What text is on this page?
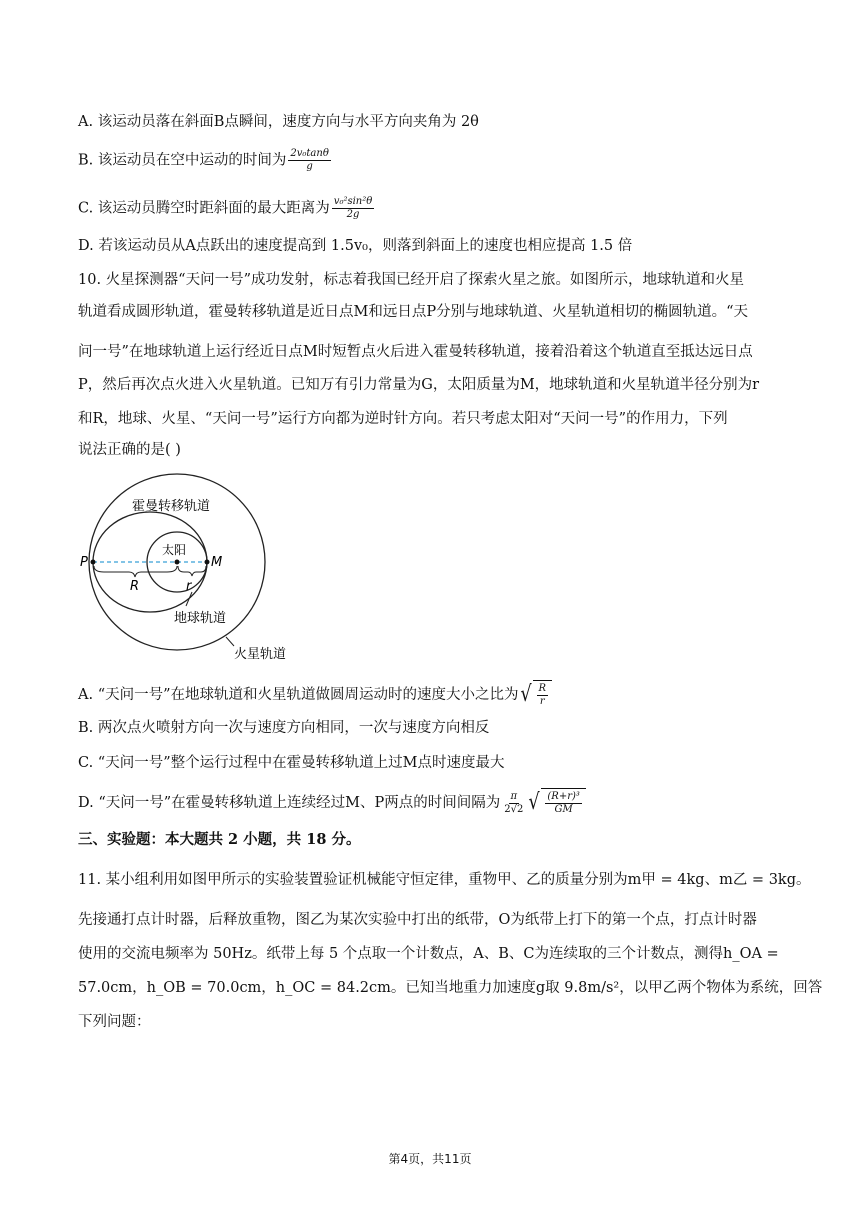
A. 该运动员落在斜面B点瞬间，速度方向与水平方向夹角为 2θ
B. 该运动员在空中运动的时间为 $\frac{\text{2v₀tanθ}}{g}$
C. 该运动员腾空时距斜面的最大距离为 $\frac{\text{v₀²sin²θ}}{2g}$
D. 若该运动员从A点跃出的速度提高到 1.5v₀，则落到斜面上的速度也相应提高 1.5 倍
10. 火星探测器“天问一号”成功发射，标志着我国已经开启了探索火星之旅。如图所示，地球轨道和火星
轨道看成圆形轨道，霍曼转移轨道是近日点M和远日点P分别与地球轨道、火星轨道相切的椭圆轨道。“天
问一号”在地球轨道上运行经近日点M时短暂点火后进入霍曼转移轨道，接着沿着这个轨道直至抵达远日点
P，然后再次点火进入火星轨道。已知万有引力常量为G，太阳质量为M，地球轨道和火星轨道半径分别为r
和R，地球、火星、“天问一号”运行方向都为逆时针方向。若只考虑太阳对“天问一号”的作用力，下列
说法正确的是( )
P	M
太阳
霍曼转移轨道
R	r
地球轨道
火星轨道
A. “天问一号”在地球轨道和火星轨道做圆周运动时的速度大小之比为 √ $\frac{R}{r}$
B. 两次点火喷射方向一次与速度方向相同，一次与速度方向相反
C. “天问一号”整个运行过程中在霍曼转移轨道上过M点时速度最大
D. “天问一号”在霍曼转移轨道上连续经过M、P两点的时间间隔为 $\frac{\pi}{2√2}$ √ $\frac{\text{(R+r)³}}{GM}$
三、实验题：本大题共 2 小题，共 18 分。
11. 某小组利用如图甲所示的实验装置验证机械能守恒定律，重物甲、乙的质量分别为m甲 = 4kg、m乙 = 3kg。
先接通打点计时器，后释放重物，图乙为某次实验中打出的纸带，O为纸带上打下的第一个点，打点计时器
使用的交流电频率为 50Hz。纸带上每 5 个点取一个计数点，A、B、C为连续取的三个计数点，测得h_OA =
57.0cm，h_OB = 70.0cm，h_OC = 84.2cm。已知当地重力加速度g取 9.8m/s²，以甲乙两个物体为系统，回答
下列问题：
第4页，共11页
